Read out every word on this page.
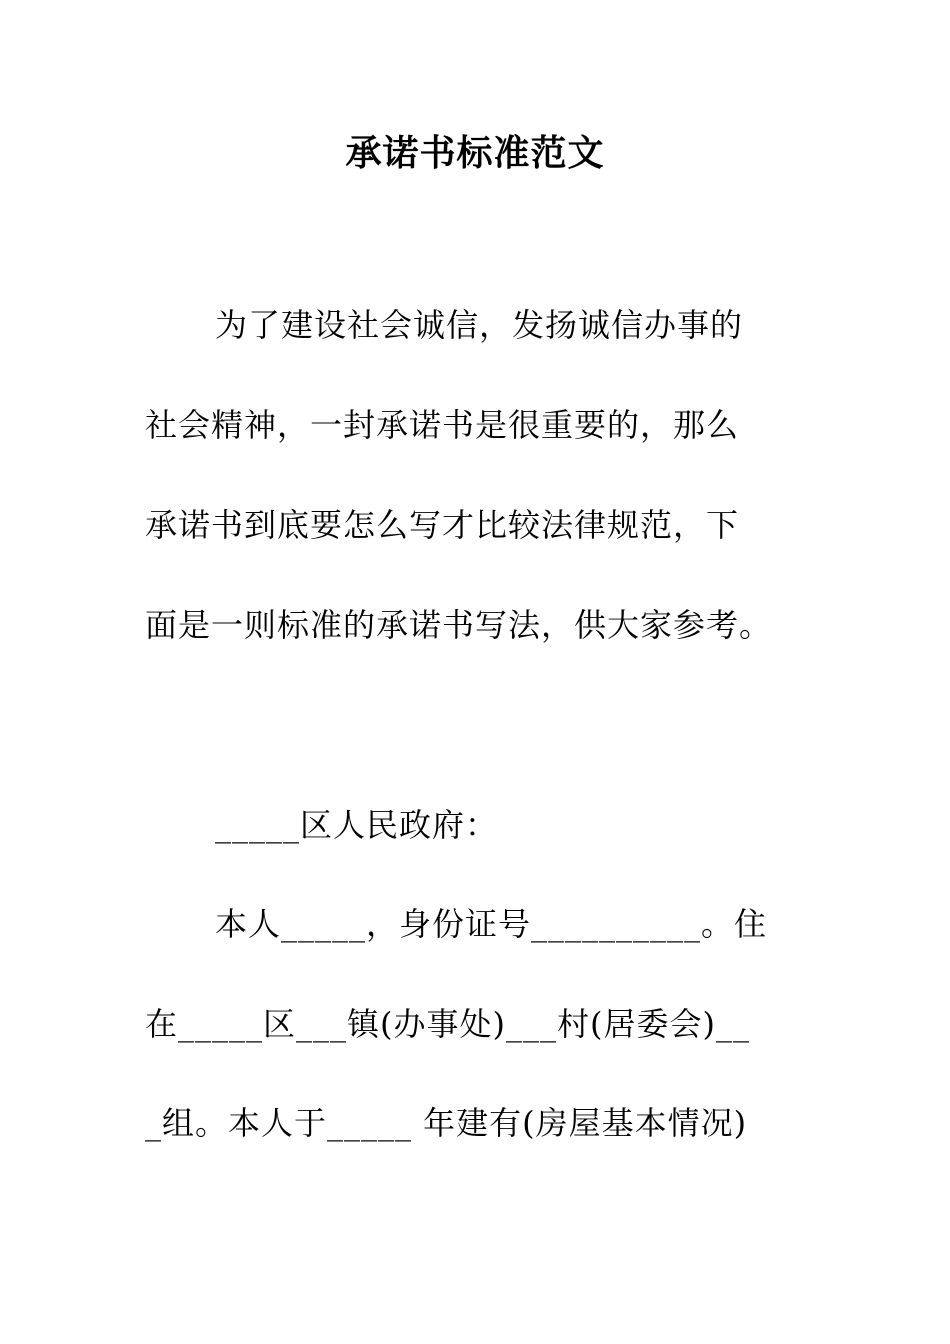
承诺书标准范文
为了建设社会诚信，发扬诚信办事的
社会精神，一封承诺书是很重要的，那么
承诺书到底要怎么写才比较法律规范，下
面是一则标准的承诺书写法，供大家参考。
_____区人民政府：
本人_____，身份证号__________。住
在_____区___镇(办事处)___村(居委会)__
_组。本人于_____ 年建有(房屋基本情况)
